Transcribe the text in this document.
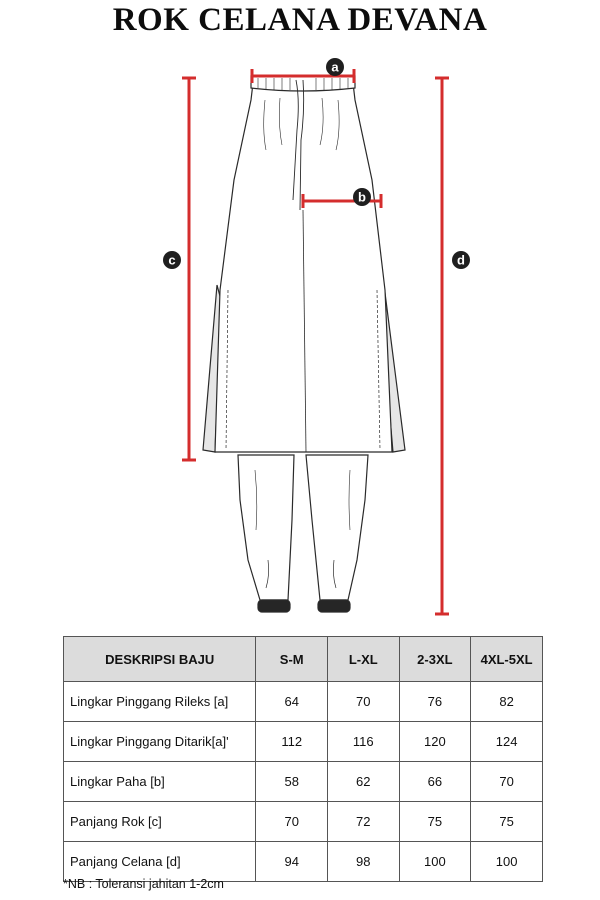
ROK CELANA DEVANA
a
b
c	d
DESKRIPSI BAJU	S-M	L-XL	2-3XL	4XL-5XL
Lingkar Pinggang Rileks [a]	64	70	76	82
Lingkar Pinggang Ditarik[a]'	112	116	120	124
Lingkar Paha [b]	58	62	66	70
Panjang Rok [c]	70	72	75	75
Panjang Celana [d]	94	98	100	100
*NB : Toleransi jahitan 1-2cm
